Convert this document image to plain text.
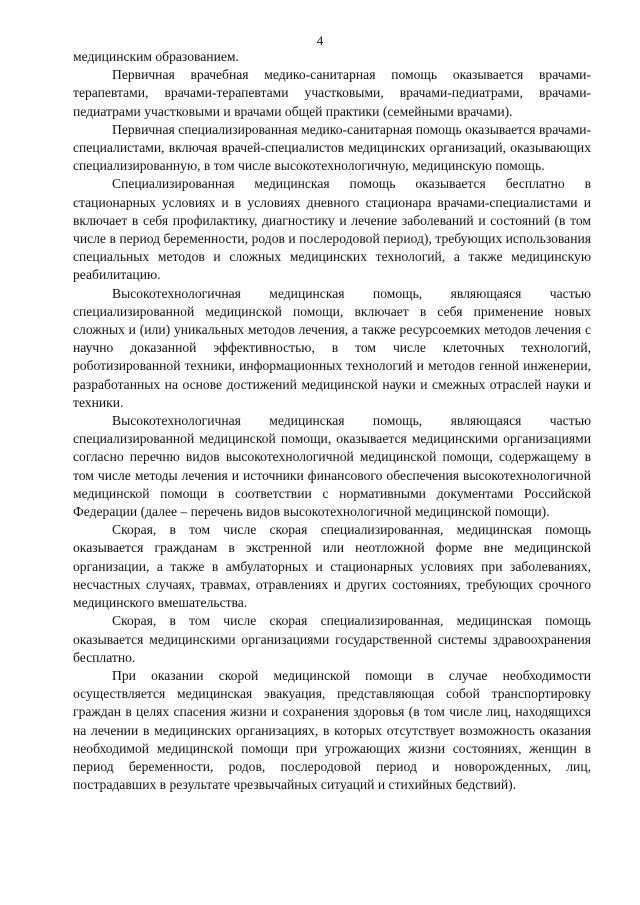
4

медицинским образованием.

Первичная врачебная медико-санитарная помощь оказывается врачами-терапевтами, врачами-терапевтами участковыми, врачами-педиатрами, врачами-педиатрами участковыми и врачами общей практики (семейными врачами).

Первичная специализированная медико-санитарная помощь оказывается врачами-специалистами, включая врачей-специалистов медицинских организаций, оказывающих специализированную, в том числе высокотехнологичную, медицинскую помощь.

Специализированная медицинская помощь оказывается бесплатно в стационарных условиях и в условиях дневного стационара врачами-специалистами и включает в себя профилактику, диагностику и лечение заболеваний и состояний (в том числе в период беременности, родов и послеродовой период), требующих использования специальных методов и сложных медицинских технологий, а также медицинскую реабилитацию.

Высокотехнологичная медицинская помощь, являющаяся частью специализированной медицинской помощи, включает в себя применение новых сложных и (или) уникальных методов лечения, а также ресурсоемких методов лечения с научно доказанной эффективностью, в том числе клеточных технологий, роботизированной техники, информационных технологий и методов генной инженерии, разработанных на основе достижений медицинской науки и смежных отраслей науки и техники.

Высокотехнологичная медицинская помощь, являющаяся частью специализированной медицинской помощи, оказывается медицинскими организациями согласно перечню видов высокотехнологичной медицинской помощи, содержащему в том числе методы лечения и источники финансового обеспечения высокотехнологичной медицинской помощи в соответствии с нормативными документами Российской Федерации (далее – перечень видов высокотехнологичной медицинской помощи).

Скорая, в том числе скорая специализированная, медицинская помощь оказывается гражданам в экстренной или неотложной форме вне медицинской организации, а также в амбулаторных и стационарных условиях при заболеваниях, несчастных случаях, травмах, отравлениях и других состояниях, требующих срочного медицинского вмешательства.

Скорая, в том числе скорая специализированная, медицинская помощь оказывается медицинскими организациями государственной системы здравоохранения бесплатно.

При оказании скорой медицинской помощи в случае необходимости осуществляется медицинская эвакуация, представляющая собой транспортировку граждан в целях спасения жизни и сохранения здоровья (в том числе лиц, находящихся на лечении в медицинских организациях, в которых отсутствует возможность оказания необходимой медицинской помощи при угрожающих жизни состояниях, женщин в период беременности, родов, послеродовой период и новорожденных, лиц, пострадавших в результате чрезвычайных ситуаций и стихийных бедствий).
